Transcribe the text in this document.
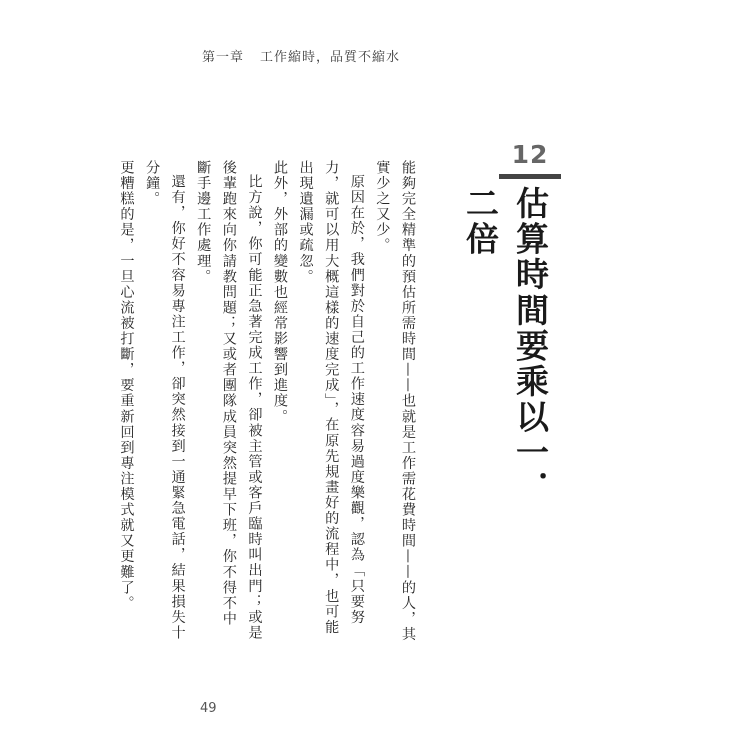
第一章 工作縮時，品質不縮水
12
估算時間要乘以一．二倍

能夠完全精準的預估所需時間——也就是工作需花費時間——的人，其實少之又少。

原因在於，我們對於自己的工作速度容易過度樂觀，認為「只要努力，就可以用大概這樣的速度完成」，在原先規畫好的流程中，也可能出現遺漏或疏忽。

此外，外部的變數也經常影響到進度。

比方說，你可能正急著完成工作，卻被主管或客戶臨時叫出門；或是後輩跑來向你請教問題；又或者團隊成員突然提早下班，你不得不中斷手邊工作處理。

還有，你好不容易專注工作，卻突然接到一通緊急電話，結果損失十分鐘。

更糟糕的是，一旦心流被打斷，要重新回到專注模式就又更難了。

49
